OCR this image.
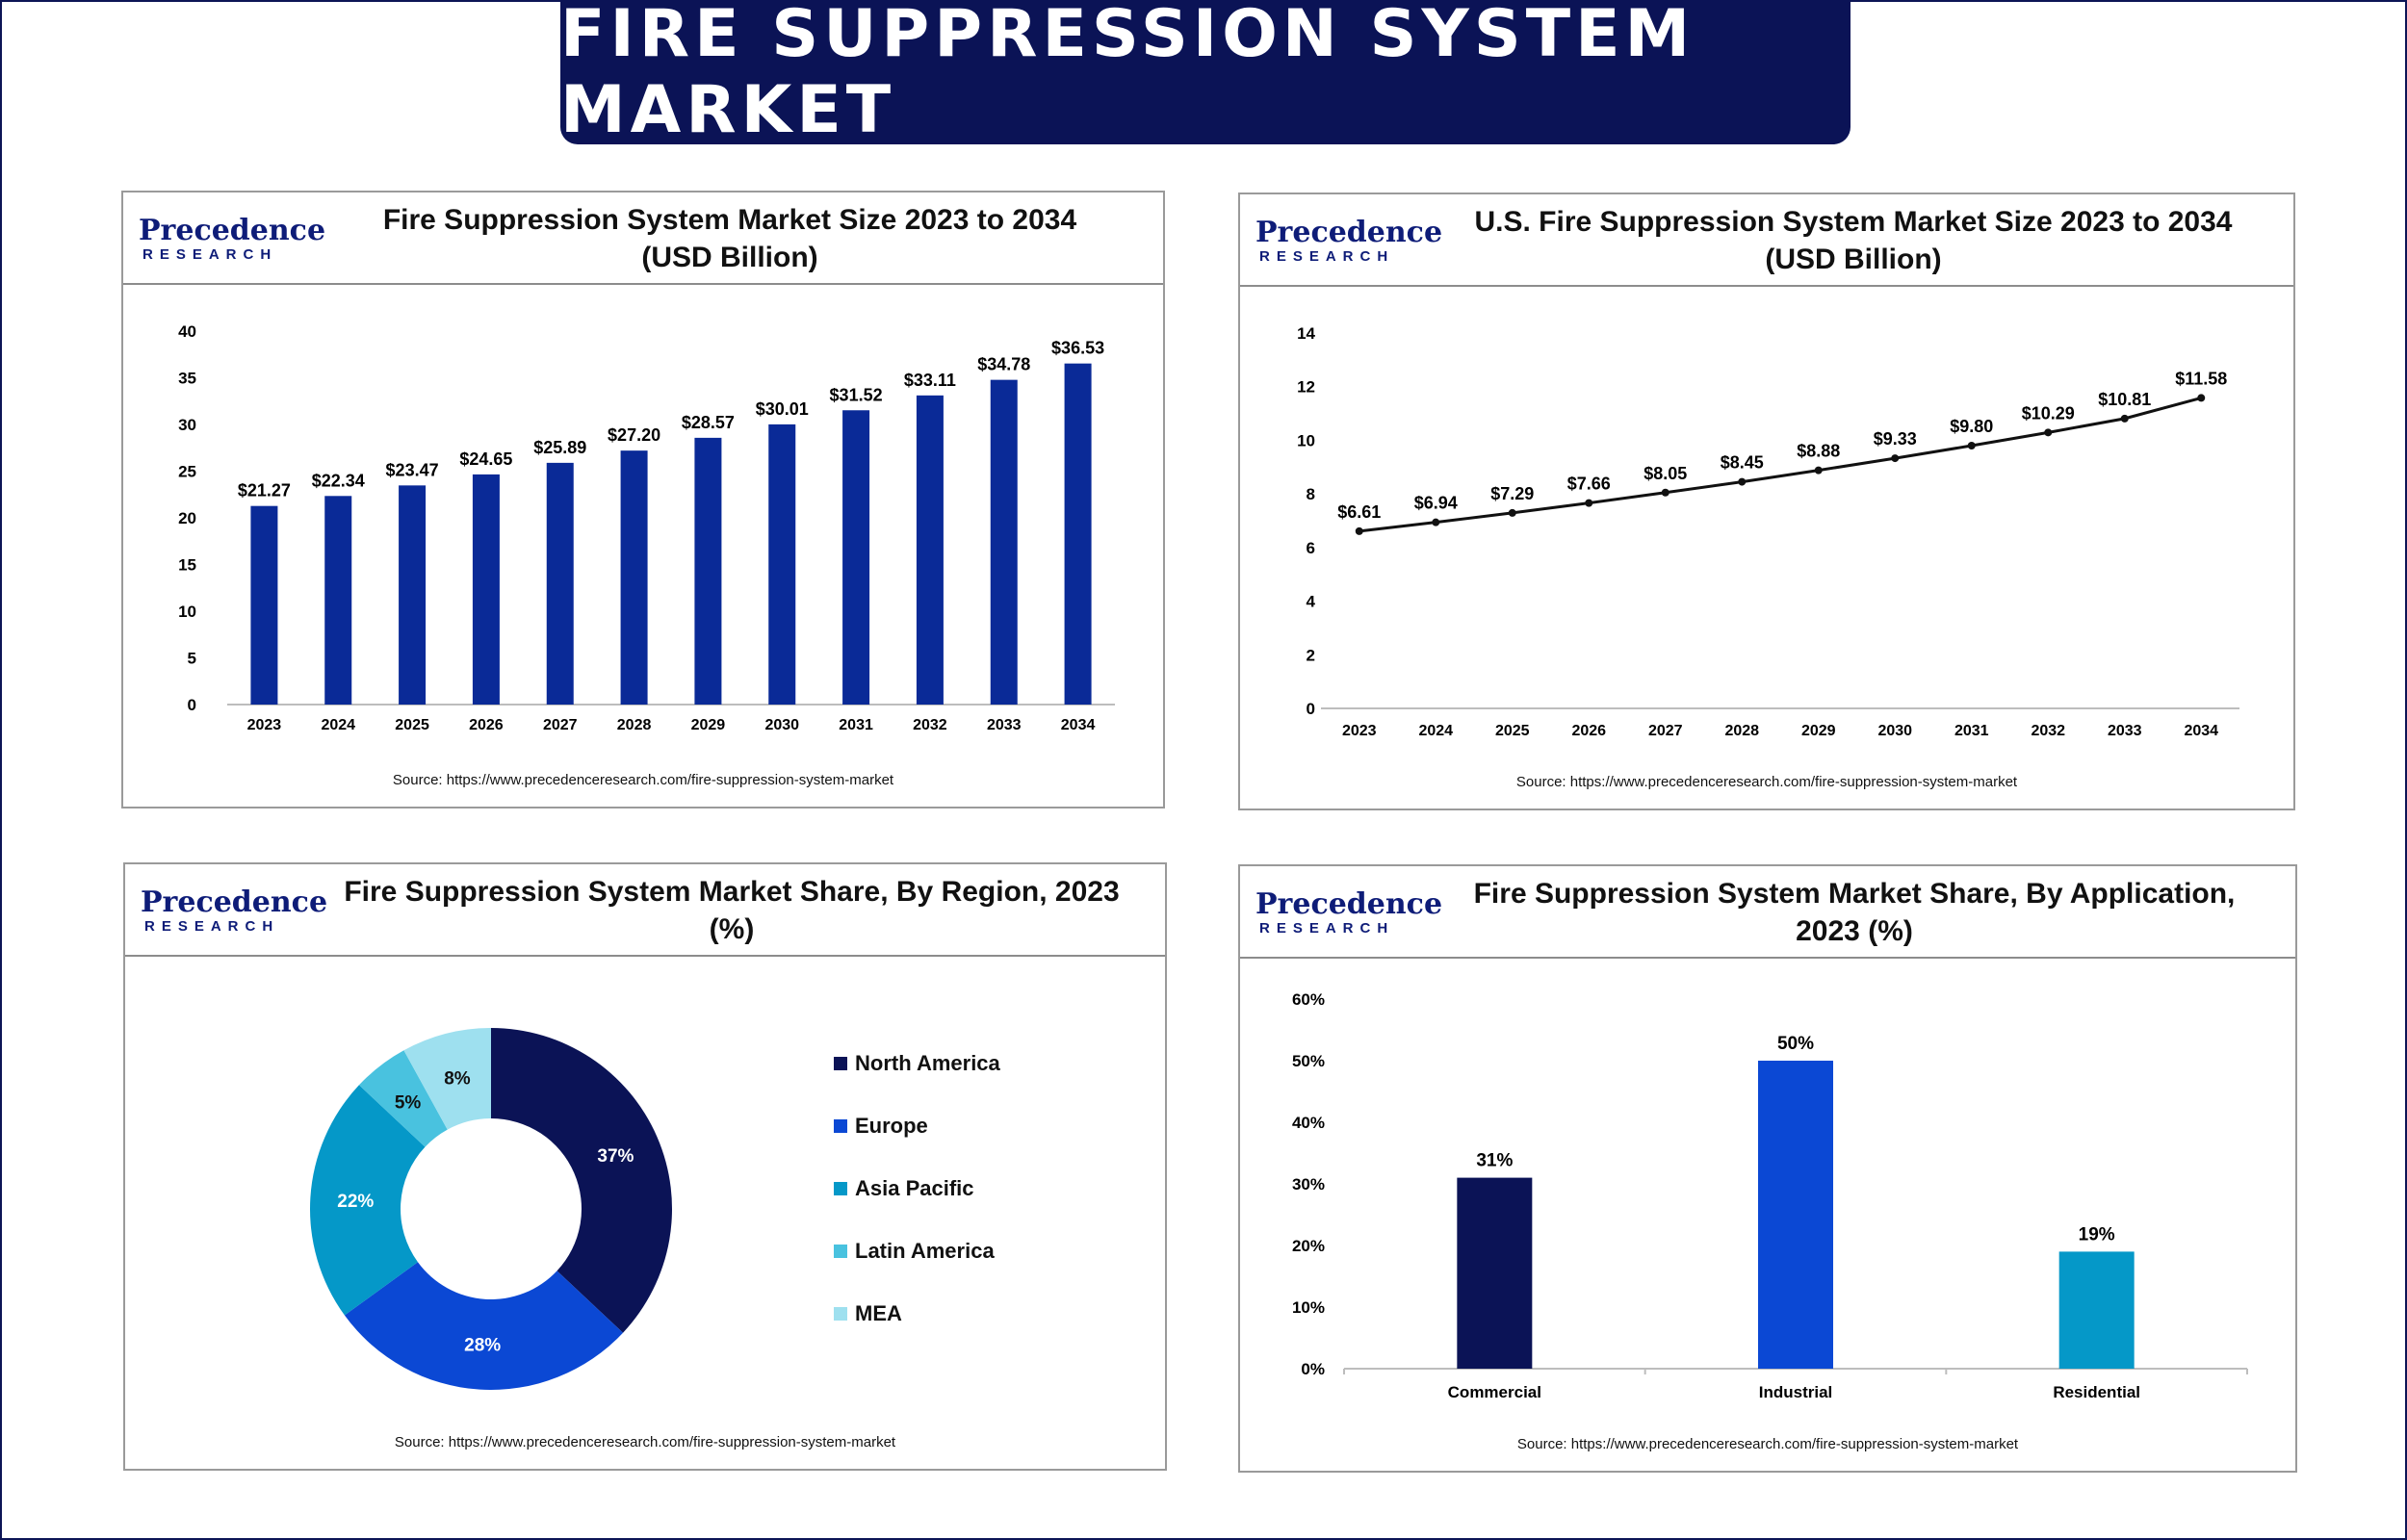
FIRE SUPPRESSION SYSTEM MARKET
Precedence
RESEARCH
Fire Suppression System Market Size 2023 to 2034
(USD Billion)
0
5
10
15
20
25
30
35
40
$21.27
2023
$22.34
2024
$23.47
2025
$24.65
2026
$25.89
2027
$27.20
2028
$28.57
2029
$30.01
2030
$31.52
2031
$33.11
2032
$34.78
2033
$36.53
2034
Source: https://www.precedenceresearch.com/fire-suppression-system-market
Precedence
RESEARCH
U.S. Fire Suppression System Market Size 2023 to 2034
(USD Billion)
0
2
4
6
8
10
12
14
$6.61
2023
$6.94
2024
$7.29
2025
$7.66
2026
$8.05
2027
$8.45
2028
$8.88
2029
$9.33
2030
$9.80
2031
$10.29
2032
$10.81
2033
$11.58
2034
Source: https://www.precedenceresearch.com/fire-suppression-system-market
Precedence
RESEARCH
Fire Suppression System Market Share, By Region, 2023 (%)
37%
28%
22%
5%
8%
North America
Europe
Asia Pacific
Latin America
MEA
Source: https://www.precedenceresearch.com/fire-suppression-system-market
Precedence
RESEARCH
Fire Suppression System Market Share, By Application,
2023 (%)
0%
10%
20%
30%
40%
50%
60%
31%
Commercial
50%
Industrial
19%
Residential
Source: https://www.precedenceresearch.com/fire-suppression-system-market
